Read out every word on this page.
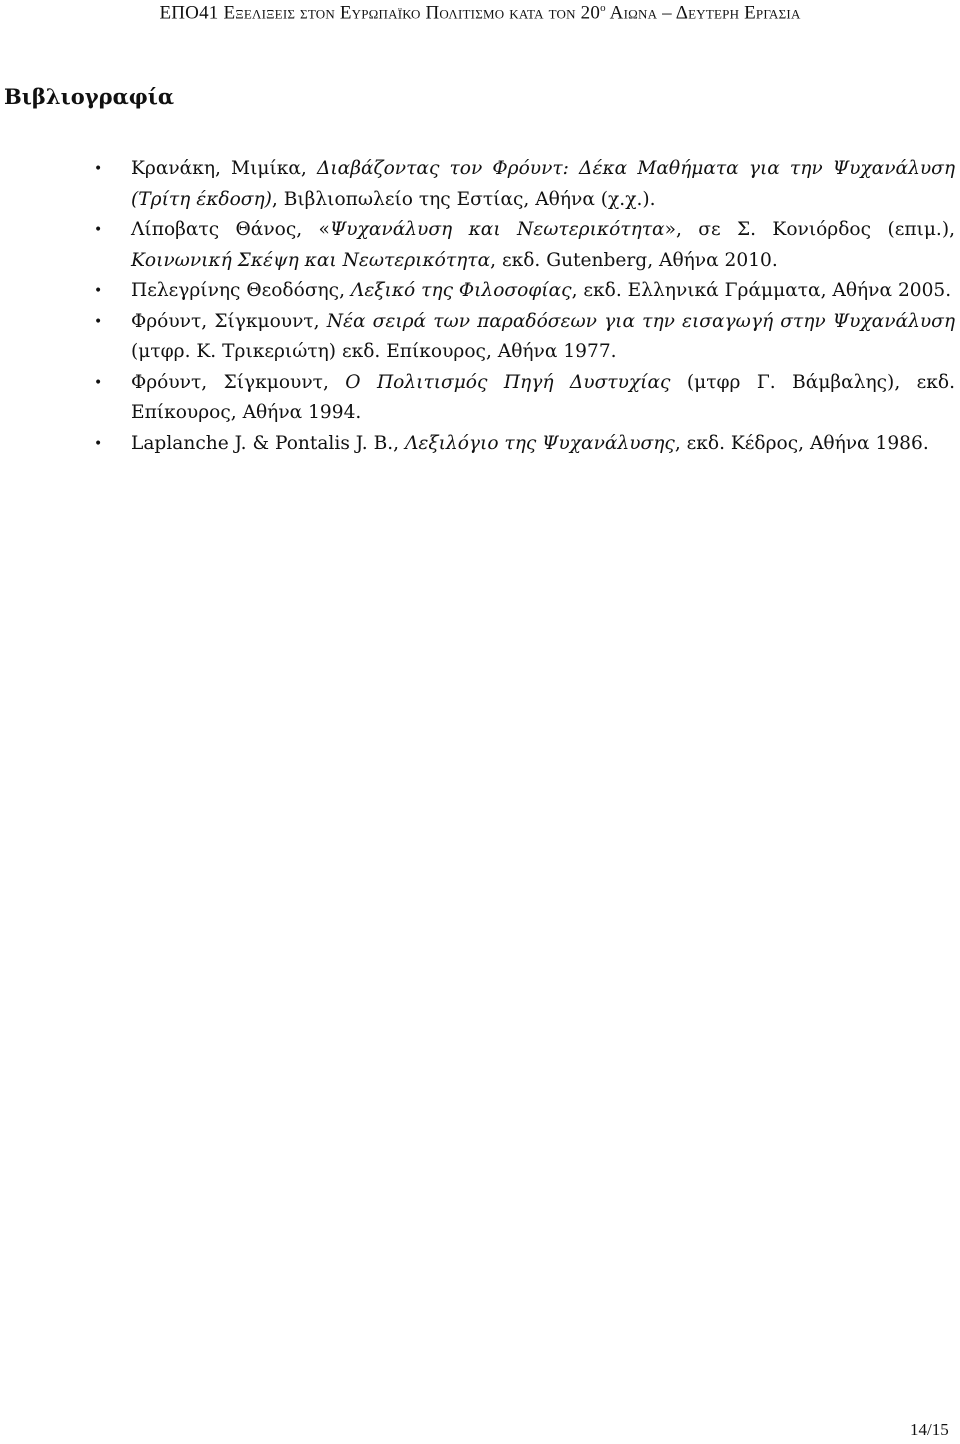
ΕΠΟ41 Εξελιξεισ στον Ευρωπαϊκο Πολιτισμο κατα τον $20^o$ Αιωνα – Δευτερη Εργασια
Βιβλιογραφία
• Κρανάκη, Μιμίκα, Διαβάζοντας τον Φρόυντ: Δέκα Μαθήματα για την Ψυχανάλυση (Τρίτη έκδοση), Βιβλιοπωλείο της Εστίας, Αθήνα (χ.χ.).
• Λίποβατς Θάνος, «Ψυχανάλυση και Νεωτερικότητα», σε Σ. Κονιόρδος (επιμ.), Κοινωνική Σκέψη και Νεωτερικότητα, εκδ. Gutenberg, Αθήνα 2010.
• Πελεγρίνης Θεοδόσης, Λεξικό της Φιλοσοφίας, εκδ. Ελληνικά Γράμματα, Αθήνα 2005.
• Φρόυντ, Σίγκμουντ, Νέα σειρά των παραδόσεων για την εισαγωγή στην Ψυχανάλυση (μτφρ. Κ. Τρικεριώτη) εκδ. Επίκουρος, Αθήνα 1977.
• Φρόυντ, Σίγκμουντ, Ο Πολιτισμός Πηγή Δυστυχίας (μτφρ Γ. Βάμβαλης), εκδ. Επίκουρος, Αθήνα 1994.
• Laplanche J. & Pontalis J. B., Λεξιλόγιο της Ψυχανάλυσης, εκδ. Κέδρος, Αθήνα 1986.
14/15
